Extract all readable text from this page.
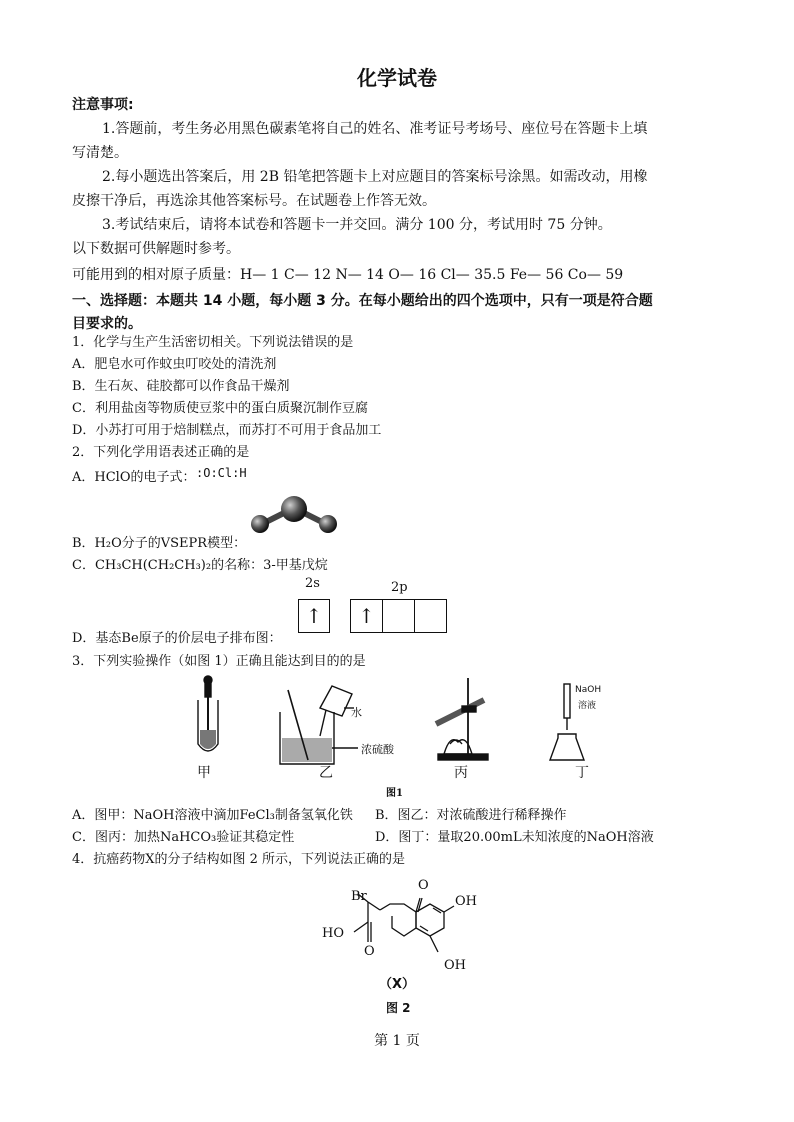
化学试卷
注意事项:
1.答题前，考生务必用黑色碳素笔将自己的姓名、准考证号考场号、座位号在答题卡上填
写清楚。
2.每小题选出答案后，用 2B 铅笔把答题卡上对应题目的答案标号涂黑。如需改动，用橡
皮擦干净后，再选涂其他答案标号。在试题卷上作答无效。
3.考试结束后，请将本试卷和答题卡一并交回。满分 100 分，考试用时 75 分钟。
以下数据可供解题时参考。
可能用到的相对原子质量：H— 1 C— 12 N— 14 O— 16 Cl— 35.5 Fe— 56 Co— 59
一、选择题：本题共 14 小题，每小题 3 分。在每小题给出的四个选项中，只有一项是符合题
目要求的。
1．化学与生产生活密切相关。下列说法错误的是
A．肥皂水可作蚊虫叮咬处的清洗剂
B．生石灰、硅胶都可以作食品干燥剂
C．利用盐卤等物质使豆浆中的蛋白质聚沉制作豆腐
D．小苏打可用于焙制糕点，而苏打不可用于食品加工
2．下列化学用语表述正确的是
A．HClO的电子式： :O:Cl:H
B．H₂O分子的VSEPR模型：
C．CH₃CH(CH₂CH₃)₂的名称：3-甲基戊烷
2s	2p
↑	↑
D．基态Be原子的价层电子排布图：
3．下列实验操作（如图 1）正确且能达到目的的是
水
浓硫酸
NaOH
溶液
甲	乙	丙	丁
图1
A．图甲：NaOH溶液中滴加FeCl₃制备氢氧化铁 B．图乙：对浓硫酸进行稀释操作
C．图丙：加热NaHCO₃验证其稳定性	D．图丁：量取20.00mL未知浓度的NaOH溶液
4．抗癌药物X的分子结构如图 2 所示，下列说法正确的是
Br
O
OH
OH
HO
O
（X）
图 2
第 1 页
